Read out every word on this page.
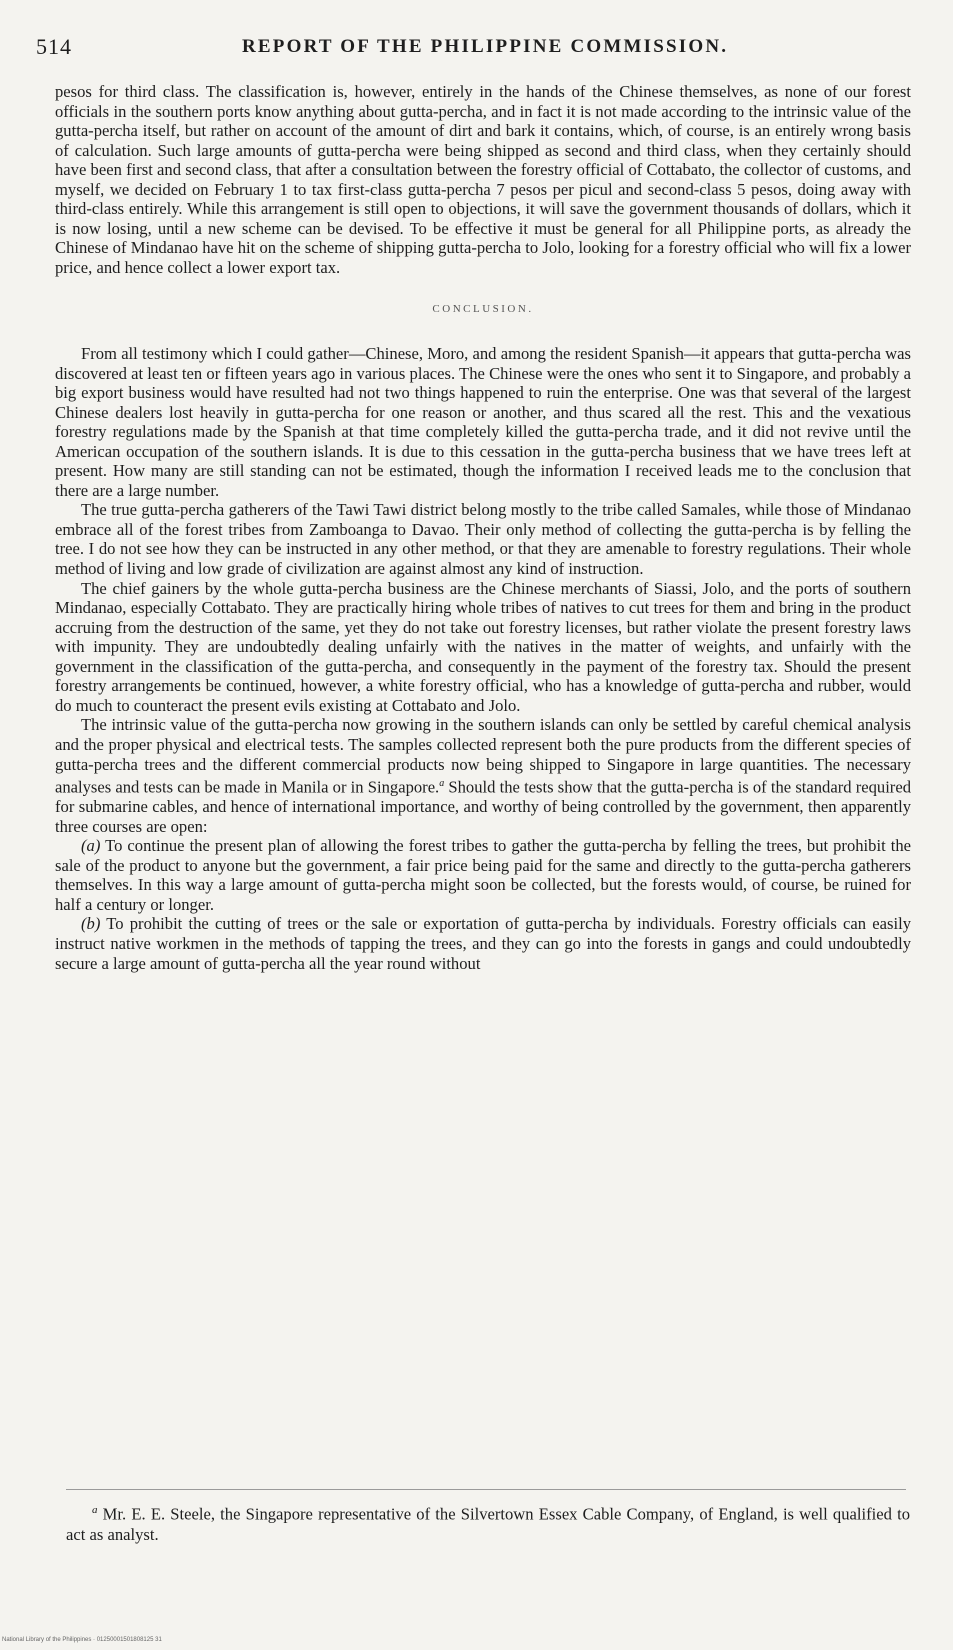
514	REPORT OF THE PHILIPPINE COMMISSION.

pesos for third class. The classification is, however, entirely in the hands of the Chinese themselves, as none of our forest officials in the southern ports know anything about gutta-percha, and in fact it is not made according to the intrinsic value of the gutta-percha itself, but rather on account of the amount of dirt and bark it contains, which, of course, is an entirely wrong basis of calculation. Such large amounts of gutta-percha were being shipped as second and third class, when they certainly should have been first and second class, that after a consultation between the forestry official of Cottabato, the collector of customs, and myself, we decided on February 1 to tax first-class gutta-percha 7 pesos per picul and second-class 5 pesos, doing away with third-class entirely. While this arrangement is still open to objections, it will save the government thousands of dollars, which it is now losing, until a new scheme can be devised. To be effective it must be general for all Philippine ports, as already the Chinese of Mindanao have hit on the scheme of shipping gutta-percha to Jolo, looking for a forestry official who will fix a lower price, and hence collect a lower export tax.

CONCLUSION.

From all testimony which I could gather—Chinese, Moro, and among the resident Spanish—it appears that gutta-percha was discovered at least ten or fifteen years ago in various places. The Chinese were the ones who sent it to Singapore, and probably a big export business would have resulted had not two things happened to ruin the enterprise. One was that several of the largest Chinese dealers lost heavily in gutta-percha for one reason or another, and thus scared all the rest. This and the vexatious forestry regulations made by the Spanish at that time completely killed the gutta-percha trade, and it did not revive until the American occupation of the southern islands. It is due to this cessation in the gutta-percha business that we have trees left at present. How many are still standing can not be estimated, though the information I received leads me to the conclusion that there are a large number.

The true gutta-percha gatherers of the Tawi Tawi district belong mostly to the tribe called Samales, while those of Mindanao embrace all of the forest tribes from Zamboanga to Davao. Their only method of collecting the gutta-percha is by felling the tree. I do not see how they can be instructed in any other method, or that they are amenable to forestry regulations. Their whole method of living and low grade of civilization are against almost any kind of instruction.

The chief gainers by the whole gutta-percha business are the Chinese merchants of Siassi, Jolo, and the ports of southern Mindanao, especially Cottabato. They are practically hiring whole tribes of natives to cut trees for them and bring in the product accruing from the destruction of the same, yet they do not take out forestry licenses, but rather violate the present forestry laws with impunity. They are undoubtedly dealing unfairly with the natives in the matter of weights, and unfairly with the government in the classification of the gutta-percha, and consequently in the payment of the forestry tax. Should the present forestry arrangements be continued, however, a white forestry official, who has a knowledge of gutta-percha and rubber, would do much to counteract the present evils existing at Cottabato and Jolo.

The intrinsic value of the gutta-percha now growing in the southern islands can only be settled by careful chemical analysis and the proper physical and electrical tests. The samples collected represent both the pure products from the different species of gutta-percha trees and the different commercial products now being shipped to Singapore in large quantities. The necessary analyses and tests can be made in Manila or in Singapore.$^a$ Should the tests show that the gutta-percha is of the standard required for submarine cables, and hence of international importance, and worthy of being controlled by the government, then apparently three courses are open:

(a) To continue the present plan of allowing the forest tribes to gather the gutta-percha by felling the trees, but prohibit the sale of the product to anyone but the government, a fair price being paid for the same and directly to the gutta-percha gatherers themselves. In this way a large amount of gutta-percha might soon be collected, but the forests would, of course, be ruined for half a century or longer.

(b) To prohibit the cutting of trees or the sale or exportation of gutta-percha by individuals. Forestry officials can easily instruct native workmen in the methods of tapping the trees, and they can go into the forests in gangs and could undoubtedly secure a large amount of gutta-percha all the year round without

$^a$ Mr. E. E. Steele, the Singapore representative of the Silvertown Essex Cable Company, of England, is well qualified to act as analyst.
National Library of the Philippines · 01250001501808125 31
